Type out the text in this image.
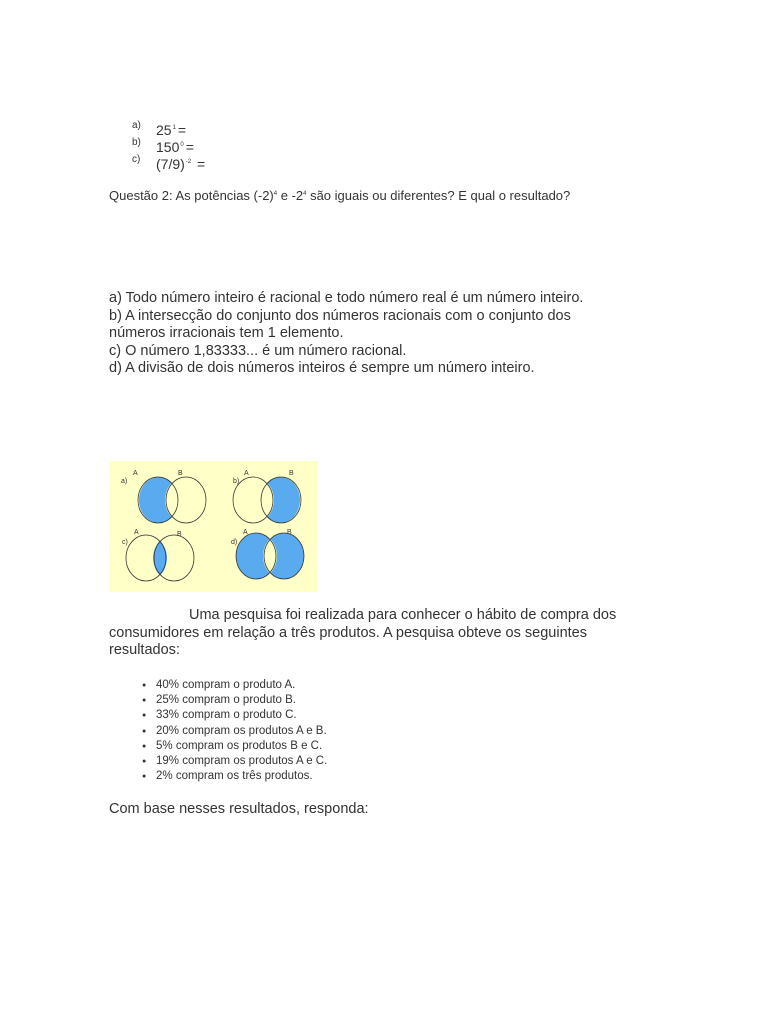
a) $25^1$ =
b) $150^0$ =
c) $(7/9)^{-2}$ =
Questão 2: As potências $(-2)^4$ e $-2^4$ são iguais ou diferentes? E qual o resultado?
a) Todo número inteiro é racional e todo número real é um número inteiro.
b) A intersecção do conjunto dos números racionais com o conjunto dos
números irracionais tem 1 elemento.
c) O número 1,83333... é um número racional.
d) A divisão de dois números inteiros é sempre um número inteiro.
a)
A	B
b)
A	B
c)
A	B
d)
A	B
Uma pesquisa foi realizada para conhecer o hábito de compra dos
consumidores em relação a três produtos. A pesquisa obteve os seguintes
resultados:
● 40% compram o produto A.
● 25% compram o produto B.
● 33% compram o produto C.
● 20% compram os produtos A e B.
● 5% compram os produtos B e C.
● 19% compram os produtos A e C.
● 2% compram os três produtos.
Com base nesses resultados, responda:
